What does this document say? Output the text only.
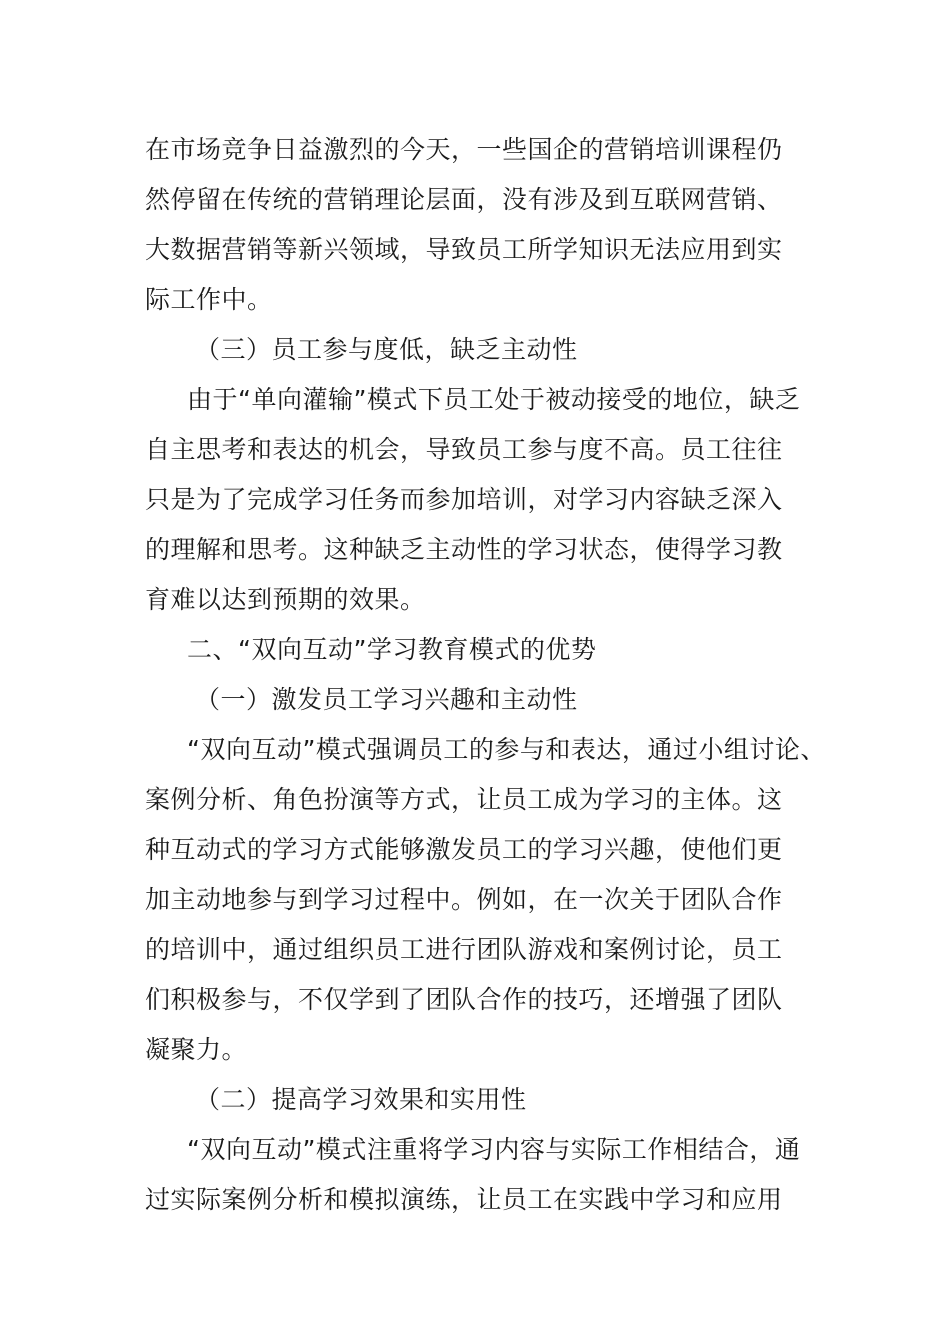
在市场竞争日益激烈的今天，一些国企的营销培训课程仍
然停留在传统的营销理论层面，没有涉及到互联网营销、
大数据营销等新兴领域，导致员工所学知识无法应用到实
际工作中。
（三）员工参与度低，缺乏主动性
由于“单向灌输”模式下员工处于被动接受的地位，缺乏
自主思考和表达的机会，导致员工参与度不高。员工往往
只是为了完成学习任务而参加培训，对学习内容缺乏深入
的理解和思考。这种缺乏主动性的学习状态，使得学习教
育难以达到预期的效果。
二、“双向互动”学习教育模式的优势
（一）激发员工学习兴趣和主动性
“双向互动”模式强调员工的参与和表达，通过小组讨论、
案例分析、角色扮演等方式，让员工成为学习的主体。这
种互动式的学习方式能够激发员工的学习兴趣，使他们更
加主动地参与到学习过程中。例如，在一次关于团队合作
的培训中，通过组织员工进行团队游戏和案例讨论，员工
们积极参与，不仅学到了团队合作的技巧，还增强了团队
凝聚力。
（二）提高学习效果和实用性
“双向互动”模式注重将学习内容与实际工作相结合，通
过实际案例分析和模拟演练，让员工在实践中学习和应用
